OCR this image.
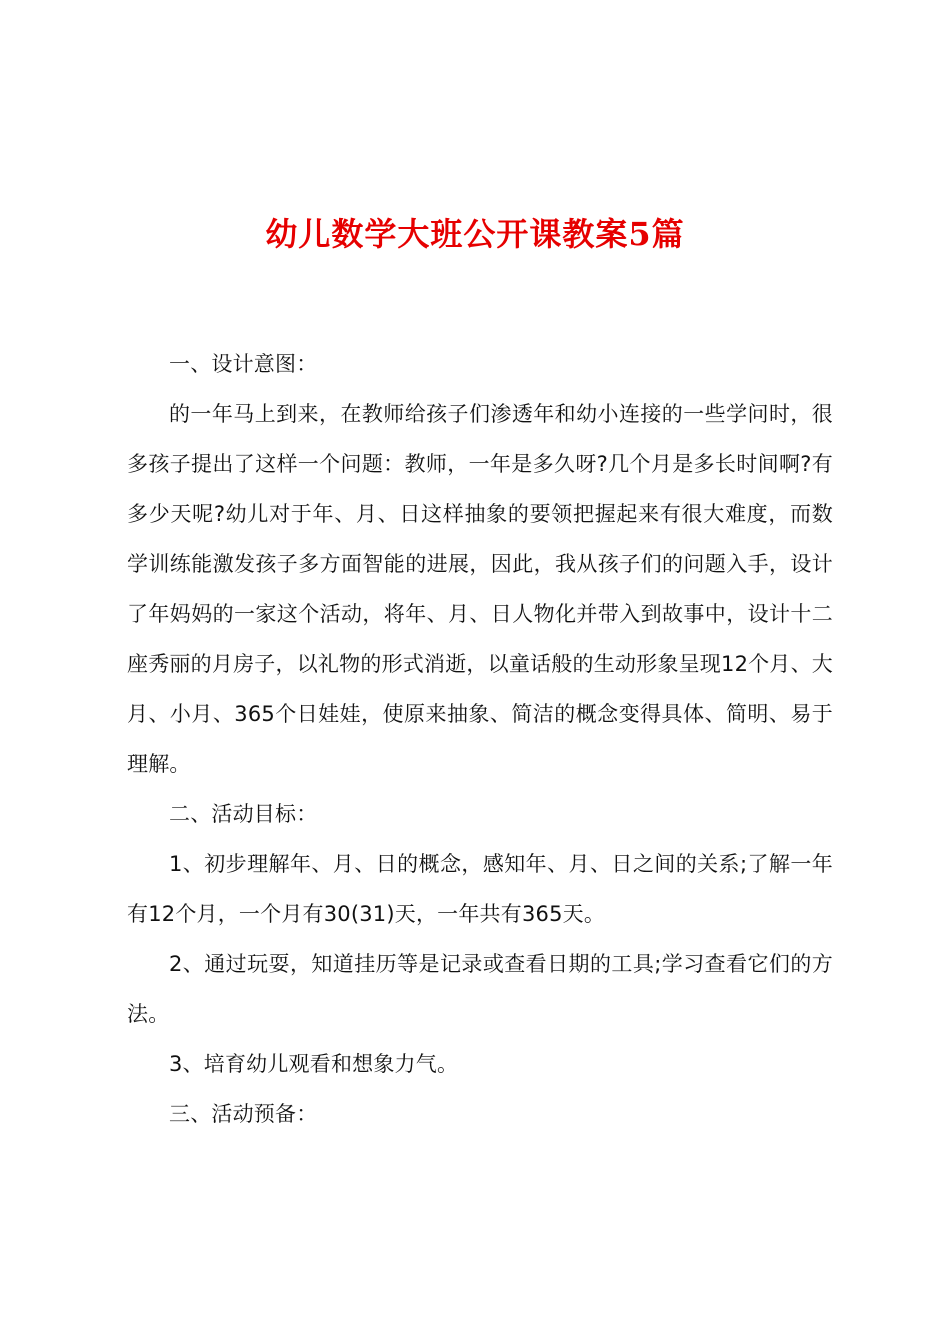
幼儿数学大班公开课教案5篇

一、设计意图：

的一年马上到来，在教师给孩子们渗透年和幼小连接的一些学问时，很多孩子提出了这样一个问题：教师，一年是多久呀?几个月是多长时间啊?有多少天呢?幼儿对于年、月、日这样抽象的要领把握起来有很大难度，而数学训练能激发孩子多方面智能的进展，因此，我从孩子们的问题入手，设计了年妈妈的一家这个活动，将年、月、日人物化并带入到故事中，设计十二座秀丽的月房子，以礼物的形式消逝，以童话般的生动形象呈现12个月、大月、小月、365个日娃娃，使原来抽象、简洁的概念变得具体、简明、易于理解。

二、活动目标：

1、初步理解年、月、日的概念，感知年、月、日之间的关系;了解一年有12个月，一个月有30(31)天，一年共有365天。

2、通过玩耍，知道挂历等是记录或查看日期的工具;学习查看它们的方法。

3、培育幼儿观看和想象力气。

三、活动预备：
